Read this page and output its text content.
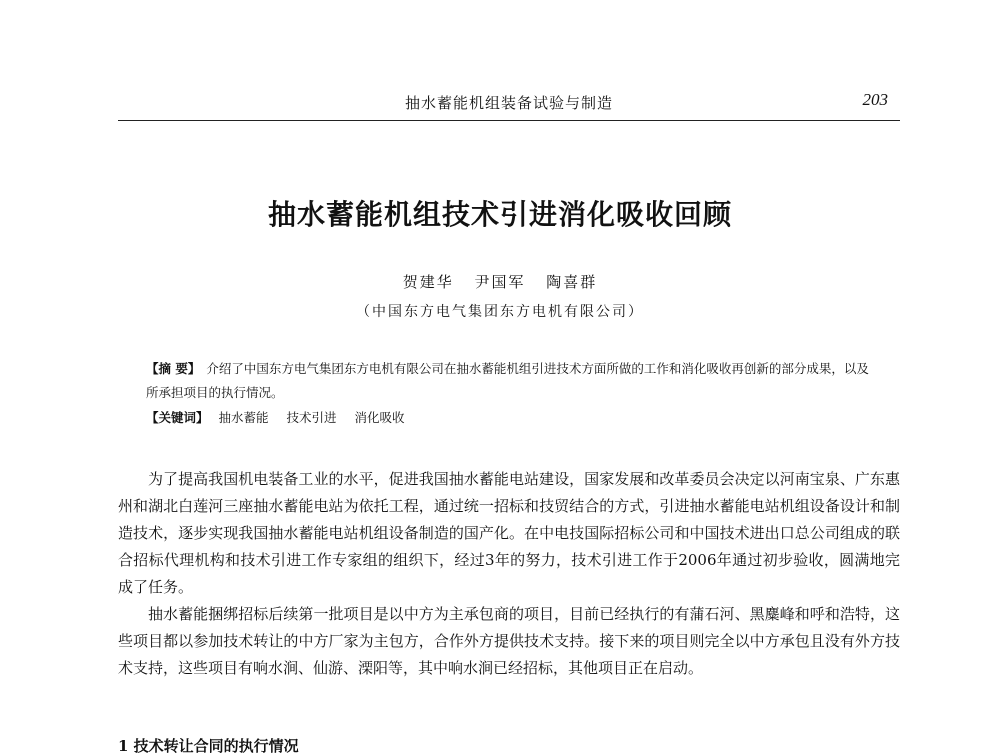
抽水蓄能机组装备试验与制造	203
抽水蓄能机组技术引进消化吸收回顾
贺建华 尹国军 陶喜群
（中国东方电气集团东方电机有限公司）
【摘 要】 介绍了中国东方电气集团东方电机有限公司在抽水蓄能机组引进技术方面所做的工作和消化吸收再创新的部分成果，以及所承担项目的执行情况。
【关键词】 抽水蓄能 技术引进 消化吸收

为了提高我国机电装备工业的水平，促进我国抽水蓄能电站建设，国家发展和改革委员会决定以河南宝泉、广东惠州和湖北白莲河三座抽水蓄能电站为依托工程，通过统一招标和技贸结合的方式，引进抽水蓄能电站机组设备设计和制造技术，逐步实现我国抽水蓄能电站机组设备制造的国产化。在中电技国际招标公司和中国技术进出口总公司组成的联合招标代理机构和技术引进工作专家组的组织下，经过3年的努力，技术引进工作于2006年通过初步验收，圆满地完成了任务。

抽水蓄能捆绑招标后续第一批项目是以中方为主承包商的项目，目前已经执行的有蒲石河、黑麋峰和呼和浩特，这些项目都以参加技术转让的中方厂家为主包方，合作外方提供技术支持。接下来的项目则完全以中方承包且没有外方技术支持，这些项目有响水涧、仙游、溧阳等，其中响水涧已经招标，其他项目正在启动。

1 技术转让合同的执行情况
